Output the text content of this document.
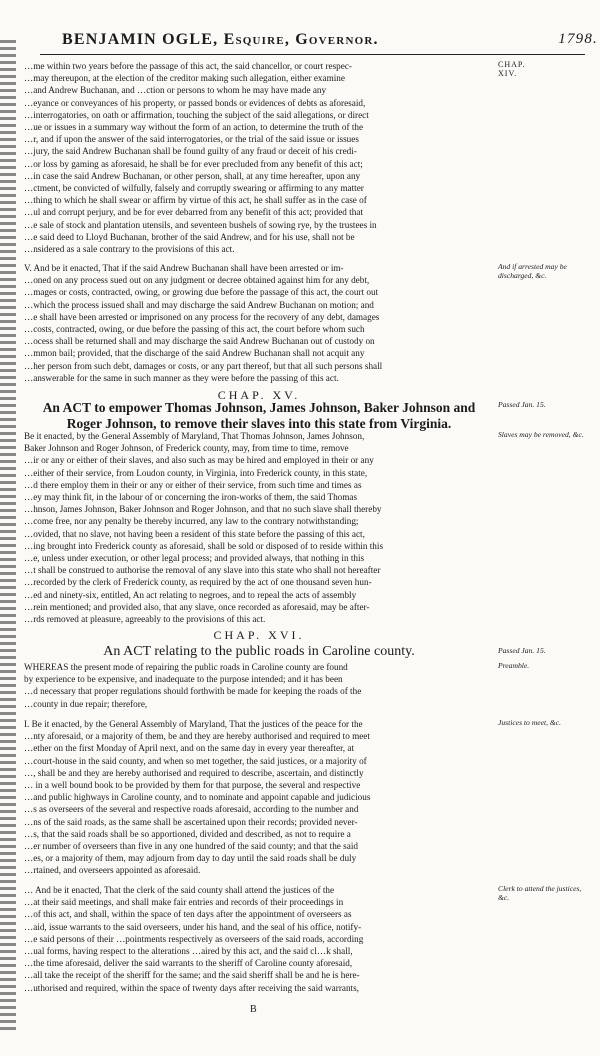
BENJAMIN OGLE, Esquire, Governor.	1798.
CHAP.
XIV.
…me within two years before the passage of this act, the said chancellor, or court respec-
…may thereupon, at the election of the creditor making such allegation, either examine
…and Andrew Buchanan, and …ction or persons to whom he may have made any
…eyance or conveyances of his property, or passed bonds or evidences of debts as aforesaid,
…interrogatories, on oath or affirmation, touching the subject of the said allegations, or direct
…ue or issues in a summary way without the form of an action, to determine the truth of the
…r, and if upon the answer of the said interrogatories, or the trial of the said issue or issues
…jury, the said Andrew Buchanan shall be found guilty of any fraud or deceit of his credi-
…or loss by gaming as aforesaid, he shall be for ever precluded from any benefit of this act;
…in case the said Andrew Buchanan, or other person, shall, at any time hereafter, upon any
…ctment, be convicted of wilfully, falsely and corruptly swearing or affirming to any matter
…thing to which he shall swear or affirm by virtue of this act, he shall suffer as in the case of
…ul and corrupt perjury, and be for ever debarred from any benefit of this act; provided that
…e sale of stock and plantation utensils, and seventeen bushels of sowing rye, by the trustees in
…e said deed to Lloyd Buchanan, brother of the said Andrew, and for his use, shall not be
…nsidered as a sale contrary to the provisions of this act.
And if arrested may be discharged, &c.
V. And be it enacted, That if the said Andrew Buchanan shall have been arrested or im-
…oned on any process sued out on any judgment or decree obtained against him for any debt,
…mages or costs, contracted, owing, or growing due before the passage of this act, the court out
…which the process issued shall and may discharge the said Andrew Buchanan on motion; and
…e shall have been arrested or imprisoned on any process for the recovery of any debt, damages
…costs, contracted, owing, or due before the passing of this act, the court before whom such
…ocess shall be returned shall and may discharge the said Andrew Buchanan out of custody on
…mmon bail; provided, that the discharge of the said Andrew Buchanan shall not acquit any
…her person from such debt, damages or costs, or any part thereof, but that all such persons shall
…answerable for the same in such manner as they were before the passing of this act.
CHAP. XV.
An ACT to empower Thomas Johnson, James Johnson, Baker Johnson and
Roger Johnson, to remove their slaves into this state from Virginia.
Passed Jan. 15.
Slaves may be removed, &c.
Be it enacted, by the General Assembly of Maryland, That Thomas Johnson, James Johnson,
Baker Johnson and Roger Johnson, of Frederick county, may, from time to time, remove
…ir or any or either of their slaves, and also such as may be hired and employed in their or any
…either of their service, from Loudon county, in Virginia, into Frederick county, in this state,
…d there employ them in their or any or either of their service, from such time and times as
…ey may think fit, in the labour of or concerning the iron-works of them, the said Thomas
…hnson, James Johnson, Baker Johnson and Roger Johnson, and that no such slave shall thereby
…come free, nor any penalty be thereby incurred, any law to the contrary notwithstanding;
…ovided, that no slave, not having been a resident of this state before the passing of this act,
…ing brought into Frederick county as aforesaid, shall be sold or disposed of to reside within this
…e, unless under execution, or other legal process; and provided always, that nothing in this
…t shall be construed to authorise the removal of any slave into this state who shall not hereafter
…recorded by the clerk of Frederick county, as required by the act of one thousand seven hun-
…ed and ninety-six, entitled, An act relating to negroes, and to repeal the acts of assembly
…rein mentioned; and provided also, that any slave, once recorded as aforesaid, may be after-
…rds removed at pleasure, agreeably to the provisions of this act.
CHAP. XVI.
An ACT relating to the public roads in Caroline county.	Passed Jan. 15.
Preamble.
WHEREAS the present mode of repairing the public roads in Caroline county are found
by experience to be expensive, and inadequate to the purpose intended; and it has been
…d necessary that proper regulations should forthwith be made for keeping the roads of the
…county in due repair; therefore,
Justices to meet, &c.
I. Be it enacted, by the General Assembly of Maryland, That the justices of the peace for the
…nty aforesaid, or a majority of them, be and they are hereby authorised and required to meet
…ether on the first Monday of April next, and on the same day in every year thereafter, at
…court-house in the said county, and when so met together, the said justices, or a majority of
…, shall be and they are hereby authorised and required to describe, ascertain, and distinctly
… in a well bound book to be provided by them for that purpose, the several and respective
…and public highways in Caroline county, and to nominate and appoint capable and judicious
…s as overseers of the several and respective roads aforesaid, according to the number and
…ns of the said roads, as the same shall be ascertained upon their records; provided never-
…s, that the said roads shall be so apportioned, divided and described, as not to require a
…er number of overseers than five in any one hundred of the said county; and that the said
…es, or a majority of them, may adjourn from day to day until the said roads shall be duly
…rtained, and overseers appointed as aforesaid.
Clerk to attend the justices, &c.
… And be it enacted, That the clerk of the said county shall attend the justices of the
…at their said meetings, and shall make fair entries and records of their proceedings in
…of this act, and shall, within the space of ten days after the appointment of overseers as
…aid, issue warrants to the said overseers, under his hand, and the seal of his office, notify-
…e said persons of their …pointments respectively as overseers of the said roads, according
…ual forms, having respect to the alterations …aired by this act, and the said cl…k shall,
…the time aforesaid, deliver the said warrants to the sheriff of Caroline county aforesaid,
…all take the receipt of the sheriff for the same; and the said sheriff shall be and he is here-
…uthorised and required, within the space of twenty days after receiving the said warrants,
B
